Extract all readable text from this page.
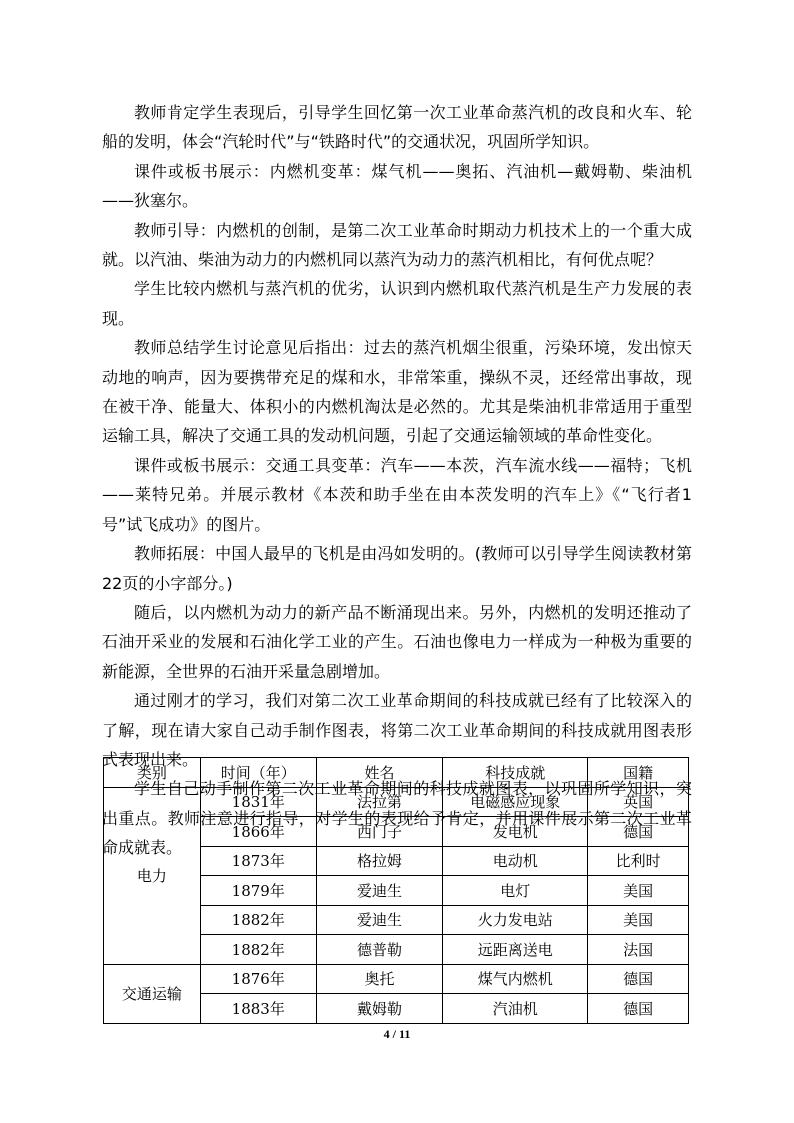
教师肯定学生表现后，引导学生回忆第一次工业革命蒸汽机的改良和火车、轮船的发明，体会“汽轮时代”与“铁路时代”的交通状况，巩固所学知识。

课件或板书展示：内燃机变革：煤气机——奥拓、汽油机—戴姆勒、柴油机——狄塞尔。

教师引导：内燃机的创制，是第二次工业革命时期动力机技术上的一个重大成就。以汽油、柴油为动力的内燃机同以蒸汽为动力的蒸汽机相比，有何优点呢？

学生比较内燃机与蒸汽机的优劣，认识到内燃机取代蒸汽机是生产力发展的表现。

教师总结学生讨论意见后指出：过去的蒸汽机烟尘很重，污染环境，发出惊天动地的响声，因为要携带充足的煤和水，非常笨重，操纵不灵，还经常出事故，现在被干净、能量大、体积小的内燃机淘汰是必然的。尤其是柴油机非常适用于重型运输工具，解决了交通工具的发动机问题，引起了交通运输领域的革命性变化。

课件或板书展示：交通工具变革：汽车——本茨，汽车流水线——福特；飞机——莱特兄弟。并展示教材《本茨和助手坐在由本茨发明的汽车上》《“飞行者1号”试飞成功》的图片。

教师拓展：中国人最早的飞机是由冯如发明的。(教师可以引导学生阅读教材第22页的小字部分。)

随后，以内燃机为动力的新产品不断涌现出来。另外，内燃机的发明还推动了石油开采业的发展和石油化学工业的产生。石油也像电力一样成为一种极为重要的新能源，全世界的石油开采量急剧增加。

通过刚才的学习，我们对第二次工业革命期间的科技成就已经有了比较深入的了解，现在请大家自己动手制作图表，将第二次工业革命期间的科技成就用图表形式表现出来。

学生自己动手制作第二次工业革命期间的科技成就图表，以巩固所学知识，突出重点。教师注意进行指导，对学生的表现给予肯定，并用课件展示第二次工业革命成就表。

类别	时间（年）	姓名	科技成就	国籍
电力	1831年	法拉第	电磁感应现象	英国
	1866年	西门子	发电机	德国
	1873年	格拉姆	电动机	比利时
	1879年	爱迪生	电灯	美国
	1882年	爱迪生	火力发电站	美国
	1882年	德普勒	远距离送电	法国
交通运输	1876年	奥托	煤气内燃机	德国
	1883年	戴姆勒	汽油机	德国
4 / 11
